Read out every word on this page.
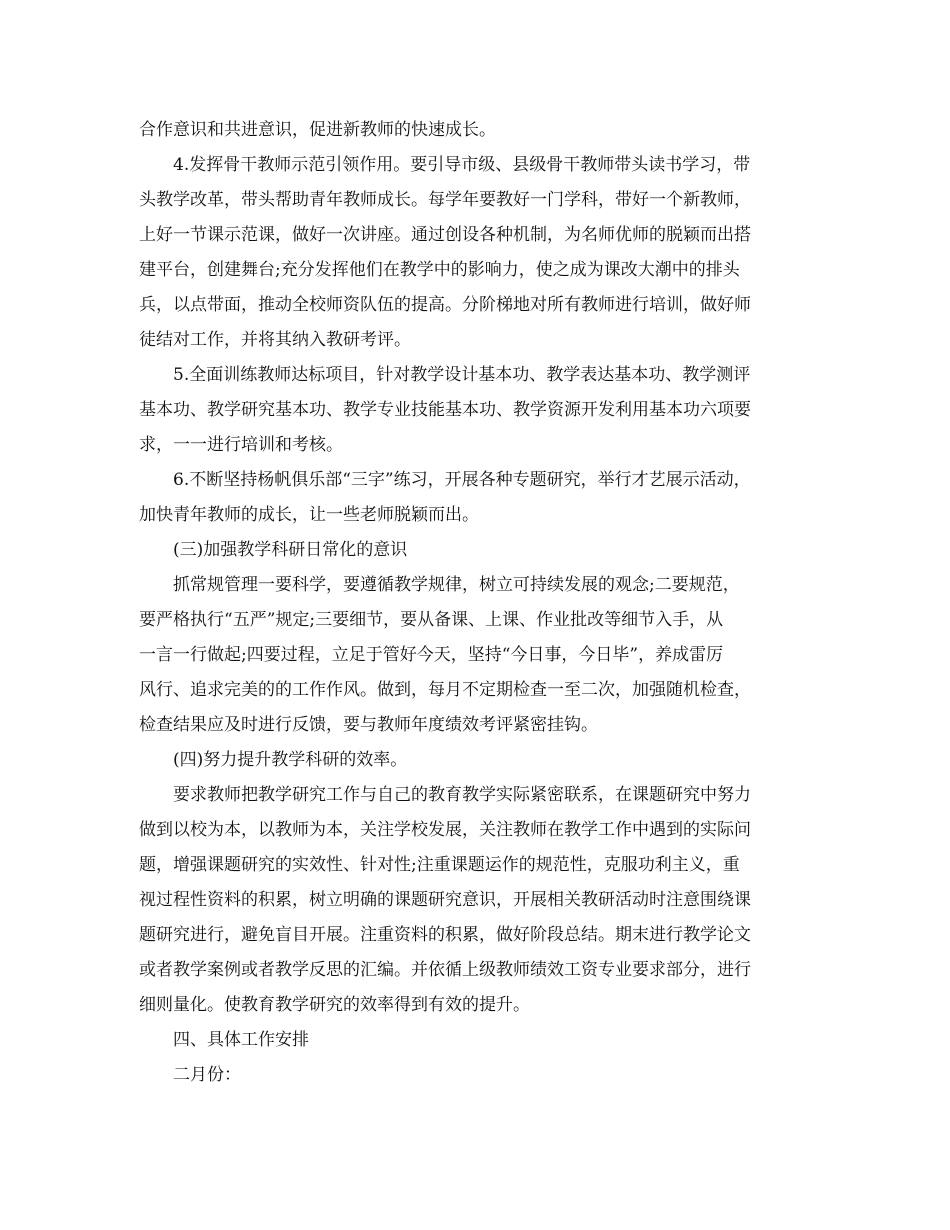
合作意识和共进意识，促进新教师的快速成长。
4.发挥骨干教师示范引领作用。要引导市级、县级骨干教师带头读书学习，带
头教学改革，带头帮助青年教师成长。每学年要教好一门学科，带好一个新教师，
上好一节课示范课，做好一次讲座。通过创设各种机制，为名师优师的脱颖而出搭
建平台，创建舞台;充分发挥他们在教学中的影响力，使之成为课改大潮中的排头
兵，以点带面，推动全校师资队伍的提高。分阶梯地对所有教师进行培训，做好师
徒结对工作，并将其纳入教研考评。
5.全面训练教师达标项目，针对教学设计基本功、教学表达基本功、教学测评
基本功、教学研究基本功、教学专业技能基本功、教学资源开发利用基本功六项要
求，一一进行培训和考核。
6.不断坚持杨帆俱乐部“三字”练习，开展各种专题研究，举行才艺展示活动，
加快青年教师的成长，让一些老师脱颖而出。
(三)加强教学科研日常化的意识
抓常规管理一要科学，要遵循教学规律，树立可持续发展的观念;二要规范，
要严格执行“五严”规定;三要细节，要从备课、上课、作业批改等细节入手，从
一言一行做起;四要过程，立足于管好今天，坚持“今日事，今日毕”，养成雷厉
风行、追求完美的的工作作风。做到，每月不定期检查一至二次，加强随机检查，
检查结果应及时进行反馈，要与教师年度绩效考评紧密挂钩。
(四)努力提升教学科研的效率。
要求教师把教学研究工作与自己的教育教学实际紧密联系，在课题研究中努力
做到以校为本，以教师为本，关注学校发展，关注教师在教学工作中遇到的实际问
题，增强课题研究的实效性、针对性;注重课题运作的规范性，克服功利主义，重
视过程性资料的积累，树立明确的课题研究意识，开展相关教研活动时注意围绕课
题研究进行，避免盲目开展。注重资料的积累，做好阶段总结。期末进行教学论文
或者教学案例或者教学反思的汇编。并依循上级教师绩效工资专业要求部分，进行
细则量化。使教育教学研究的效率得到有效的提升。
四、具体工作安排
二月份：
